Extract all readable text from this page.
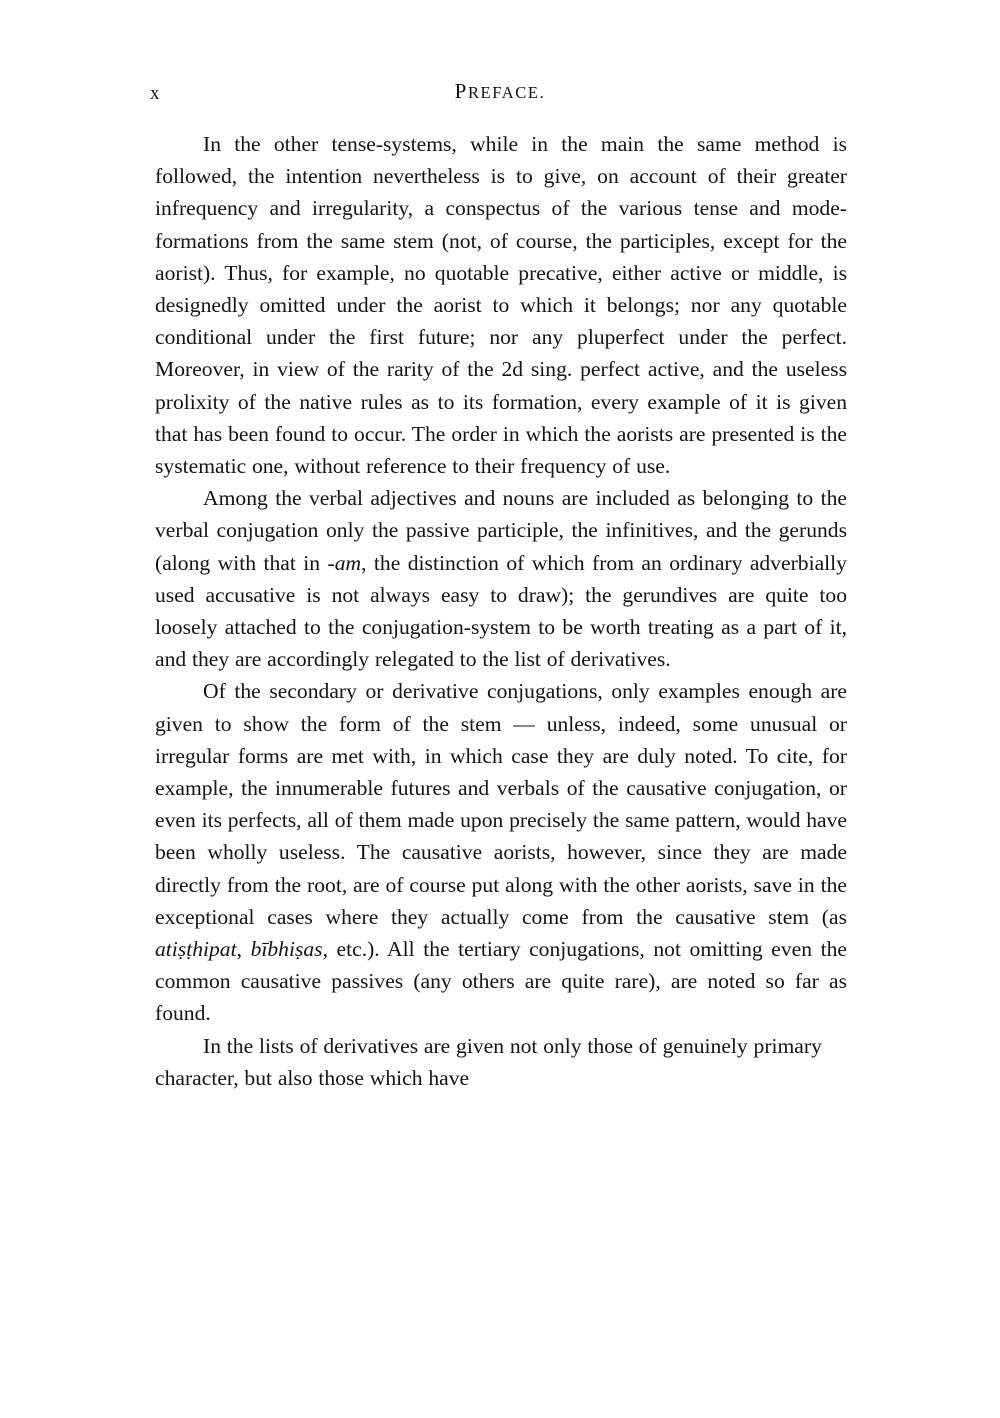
x	PREFACE.

In the other tense-systems, while in the main the same method is followed, the intention nevertheless is to give, on account of their greater infrequency and irregularity, a conspectus of the various tense and mode-formations from the same stem (not, of course, the participles, except for the aorist). Thus, for example, no quotable precative, either active or middle, is designedly omitted under the aorist to which it belongs; nor any quotable conditional under the first future; nor any pluperfect under the perfect. Moreover, in view of the rarity of the 2d sing. perfect active, and the useless prolixity of the native rules as to its formation, every example of it is given that has been found to occur. The order in which the aorists are presented is the systematic one, without reference to their frequency of use.

Among the verbal adjectives and nouns are included as belonging to the verbal conjugation only the passive participle, the infinitives, and the gerunds (along with that in -am, the distinction of which from an ordinary adverbially used accusative is not always easy to draw); the gerundives are quite too loosely attached to the conjugation-system to be worth treating as a part of it, and they are accordingly relegated to the list of derivatives.

Of the secondary or derivative conjugations, only examples enough are given to show the form of the stem — unless, indeed, some unusual or irregular forms are met with, in which case they are duly noted. To cite, for example, the innumerable futures and verbals of the causative conjugation, or even its perfects, all of them made upon precisely the same pattern, would have been wholly useless. The causative aorists, however, since they are made directly from the root, are of course put along with the other aorists, save in the exceptional cases where they actually come from the causative stem (as atiṣṭhipat, bībhiṣas, etc.). All the tertiary conjugations, not omitting even the common causative passives (any others are quite rare), are noted so far as found.

In the lists of derivatives are given not only those of genuinely primary character, but also those which have
